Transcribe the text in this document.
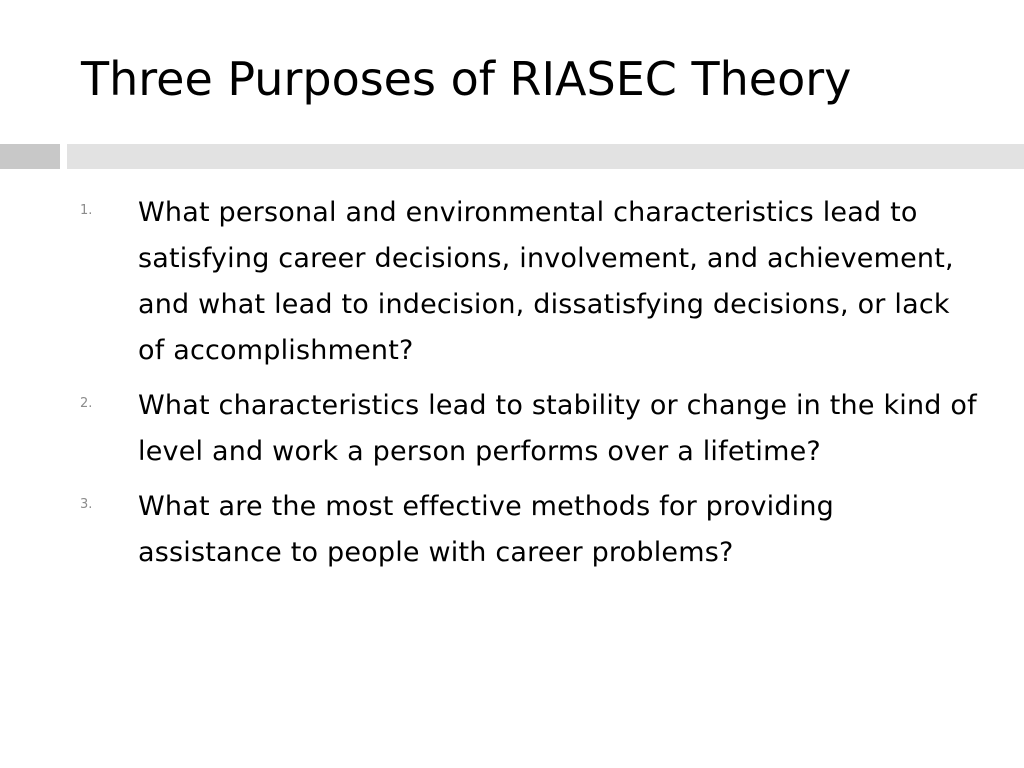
Three Purposes of RIASEC Theory
1. What personal and environmental characteristics lead to satisfying career decisions, involvement, and achievement, and what lead to indecision, dissatisfying decisions, or lack of accomplishment?
2. What characteristics lead to stability or change in the kind of level and work a person performs over a lifetime?
3. What are the most effective methods for providing assistance to people with career problems?
